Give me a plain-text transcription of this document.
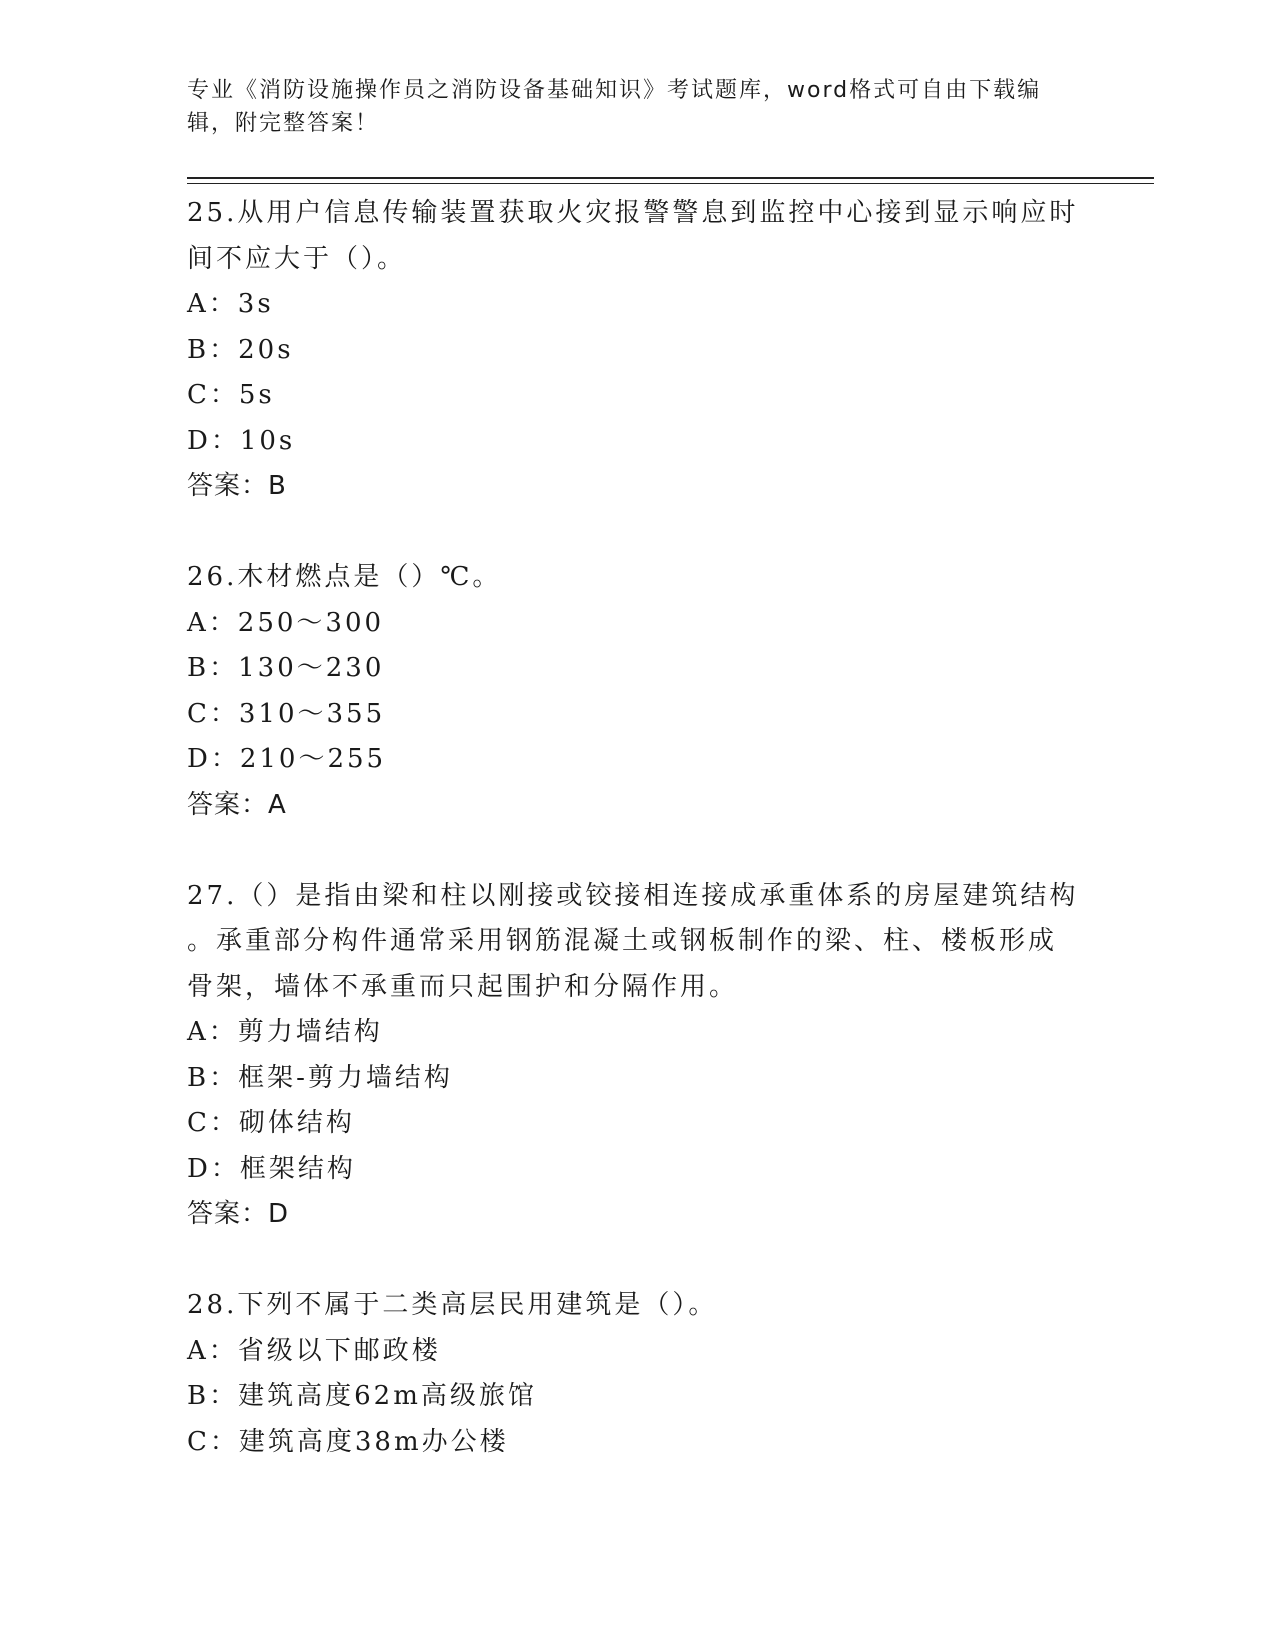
专业《消防设施操作员之消防设备基础知识》考试题库，word格式可自由下载编
辑，附完整答案！
25.从用户信息传输装置获取火灾报警警息到监控中心接到显示响应时
间不应大于（）。
A：3s
B：20s
C：5s
D：10s
答案：B
26.木材燃点是（）℃。
A：250～300
B：130～230
C：310～355
D：210～255
答案：A
27.（）是指由梁和柱以刚接或铰接相连接成承重体系的房屋建筑结构
。承重部分构件通常采用钢筋混凝土或钢板制作的梁、柱、楼板形成
骨架，墙体不承重而只起围护和分隔作用。
A：剪力墙结构
B：框架-剪力墙结构
C：砌体结构
D：框架结构
答案：D
28.下列不属于二类高层民用建筑是（）。
A：省级以下邮政楼
B：建筑高度62m高级旅馆
C：建筑高度38m办公楼
